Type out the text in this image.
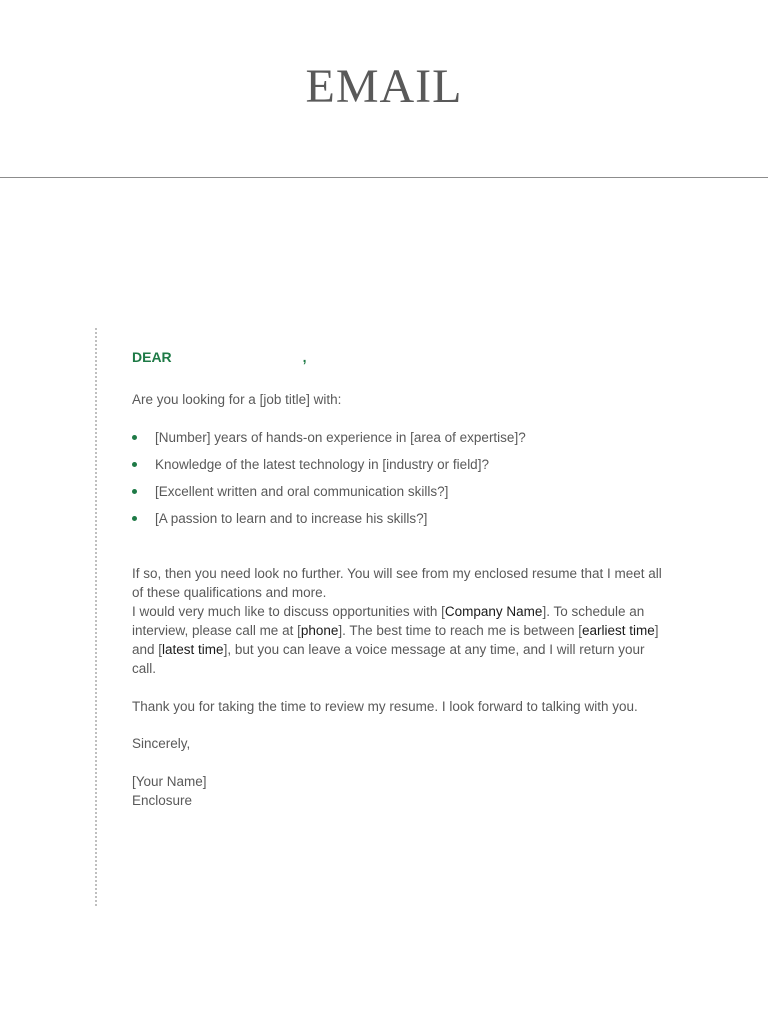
EMAIL
DEAR	,
Are you looking for a [job title] with:
[Number] years of hands-on experience in [area of expertise]?
Knowledge of the latest technology in [industry or field]?
[Excellent written and oral communication skills?]
[A passion to learn and to increase his skills?]
If so, then you need look no further. You will see from my enclosed resume that I meet all of these qualifications and more.
I would very much like to discuss opportunities with [Company Name]. To schedule an interview, please call me at [phone]. The best time to reach me is between [earliest time] and [latest time], but you can leave a voice message at any time, and I will return your call.
Thank you for taking the time to review my resume. I look forward to talking with you.
Sincerely,
[Your Name]
Enclosure
